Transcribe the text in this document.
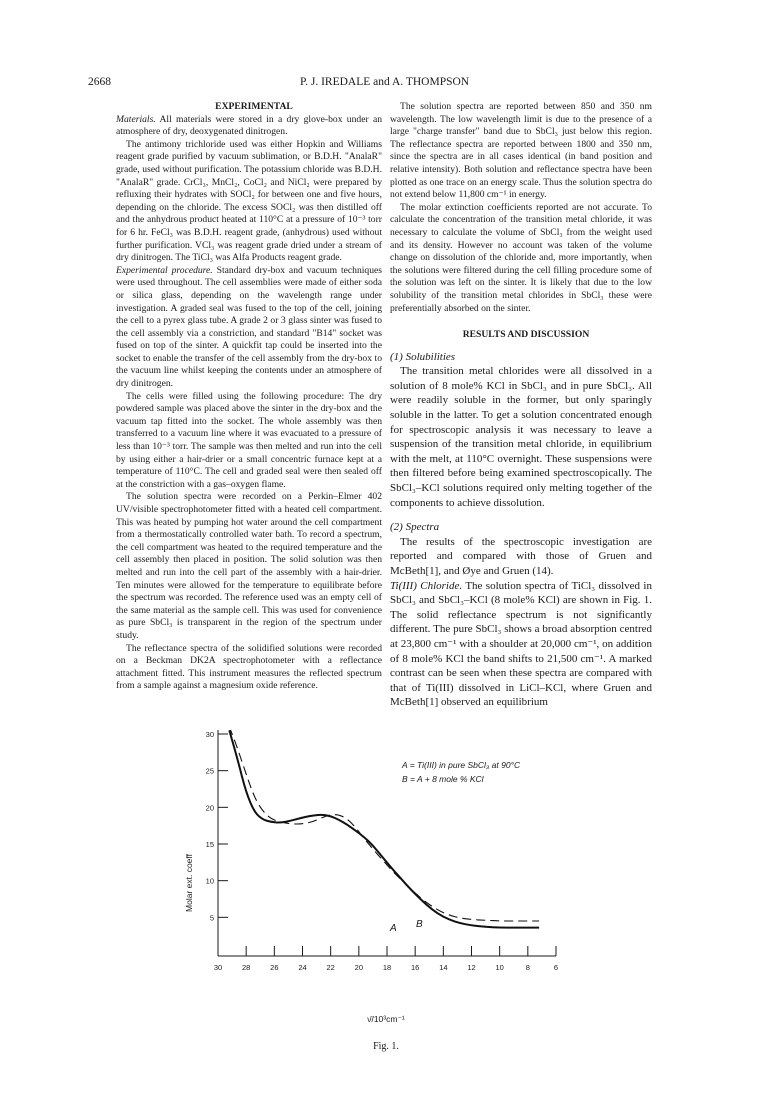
2668	P. J. IREDALE and A. THOMPSON

EXPERIMENTAL

Materials. All materials were stored in a dry glove-box under an atmosphere of dry, deoxygenated dinitrogen.

The antimony trichloride used was either Hopkin and Williams reagent grade purified by vacuum sublimation, or B.D.H. "AnalaR" grade, used without purification. The potassium chloride was B.D.H. "AnalaR" grade. CrCl₃, MnCl₂, CoCl₂ and NiCl₂ were prepared by refluxing their hydrates with SOCl₂ for between one and five hours, depending on the chloride. The excess SOCl₂ was then distilled off and the anhydrous product heated at 110°C at a pressure of 10⁻³ torr for 6 hr. FeCl₃ was B.D.H. reagent grade, (anhydrous) used without further purification. VCl₃ was reagent grade dried under a stream of dry dinitrogen. The TiCl₃ was Alfa Products reagent grade.

Experimental procedure. Standard dry-box and vacuum techniques were used throughout. The cell assemblies were made of either soda or silica glass, depending on the wavelength range under investigation. A graded seal was fused to the top of the cell, joining the cell to a pyrex glass tube. A grade 2 or 3 glass sinter was fused to the cell assembly via a constriction, and standard "B14" socket was fused on top of the sinter. A quickfit tap could be inserted into the socket to enable the transfer of the cell assembly from the dry-box to the vacuum line whilst keeping the contents under an atmosphere of dry dinitrogen.

The cells were filled using the following procedure: The dry powdered sample was placed above the sinter in the dry-box and the vacuum tap fitted into the socket. The whole assembly was then transferred to a vacuum line where it was evacuated to a pressure of less than 10⁻³ torr. The sample was then melted and run into the cell by using either a hair-drier or a small concentric furnace kept at a temperature of 110°C. The cell and graded seal were then sealed off at the constriction with a gas–oxygen flame.

The solution spectra were recorded on a Perkin–Elmer 402 UV/visible spectrophotometer fitted with a heated cell compartment. This was heated by pumping hot water around the cell compartment from a thermostatically controlled water bath. To record a spectrum, the cell compartment was heated to the required temperature and the cell assembly then placed in position. The solid solution was then melted and run into the cell part of the assembly with a hair-drier. Ten minutes were allowed for the temperature to equilibrate before the spectrum was recorded. The reference used was an empty cell of the same material as the sample cell. This was used for convenience as pure SbCl₃ is transparent in the region of the spectrum under study.

The reflectance spectra of the solidified solutions were recorded on a Beckman DK2A spectrophotometer with a reflectance attachment fitted. This instrument measures the reflected spectrum from a sample against a magnesium oxide reference.

The solution spectra are reported between 850 and 350 nm wavelength. The low wavelength limit is due to the presence of a large "charge transfer" band due to SbCl₃ just below this region. The reflectance spectra are reported between 1800 and 350 nm, since the spectra are in all cases identical (in band position and relative intensity). Both solution and reflectance spectra have been plotted as one trace on an energy scale. Thus the solution spectra do not extend below 11,800 cm⁻¹ in energy.

The molar extinction coefficients reported are not accurate. To calculate the concentration of the transition metal chloride, it was necessary to calculate the volume of SbCl₃ from the weight used and its density. However no account was taken of the volume change on dissolution of the chloride and, more importantly, when the solutions were filtered during the cell filling procedure some of the solution was left on the sinter. It is likely that due to the low solubility of the transition metal chlorides in SbCl₃ these were preferentially absorbed on the sinter.

RESULTS AND DISCUSSION

(1) Solubilities

The transition metal chlorides were all dissolved in a solution of 8 mole% KCl in SbCl₃ and in pure SbCl₃. All were readily soluble in the former, but only sparingly soluble in the latter. To get a solution concentrated enough for spectroscopic analysis it was necessary to leave a suspension of the transition metal chloride, in equilibrium with the melt, at 110°C overnight. These suspensions were then filtered before being examined spectroscopically. The SbCl₃–KCl solutions required only melting together of the components to achieve dissolution.

(2) Spectra

The results of the spectroscopic investigation are reported and compared with those of Gruen and McBeth[1], and Øye and Gruen (14).

Ti(III) Chloride. The solution spectra of TiCl₃ dissolved in SbCl₃ and SbCl₃–KCl (8 mole% KCl) are shown in Fig. 1. The solid reflectance spectrum is not significantly different. The pure SbCl₃ shows a broad absorption centred at 23,800 cm⁻¹ with a shoulder at 20,000 cm⁻¹, on addition of 8 mole% KCl the band shifts to 21,500 cm⁻¹. A marked contrast can be seen when these spectra are compared with that of Ti(III) dissolved in LiCl–KCl, where Gruen and McBeth[1] observed an equilibrium

6
8
10
12
14
16
18
20
22
24
26
28
30
5
10
15
20
25
30
Molar ext. coeff
A = Ti(III) in pure SbCl₃ at 90°C
B = A + 8 mole % KCl
A B
ν̄/10³cm⁻¹
Fig. 1.
